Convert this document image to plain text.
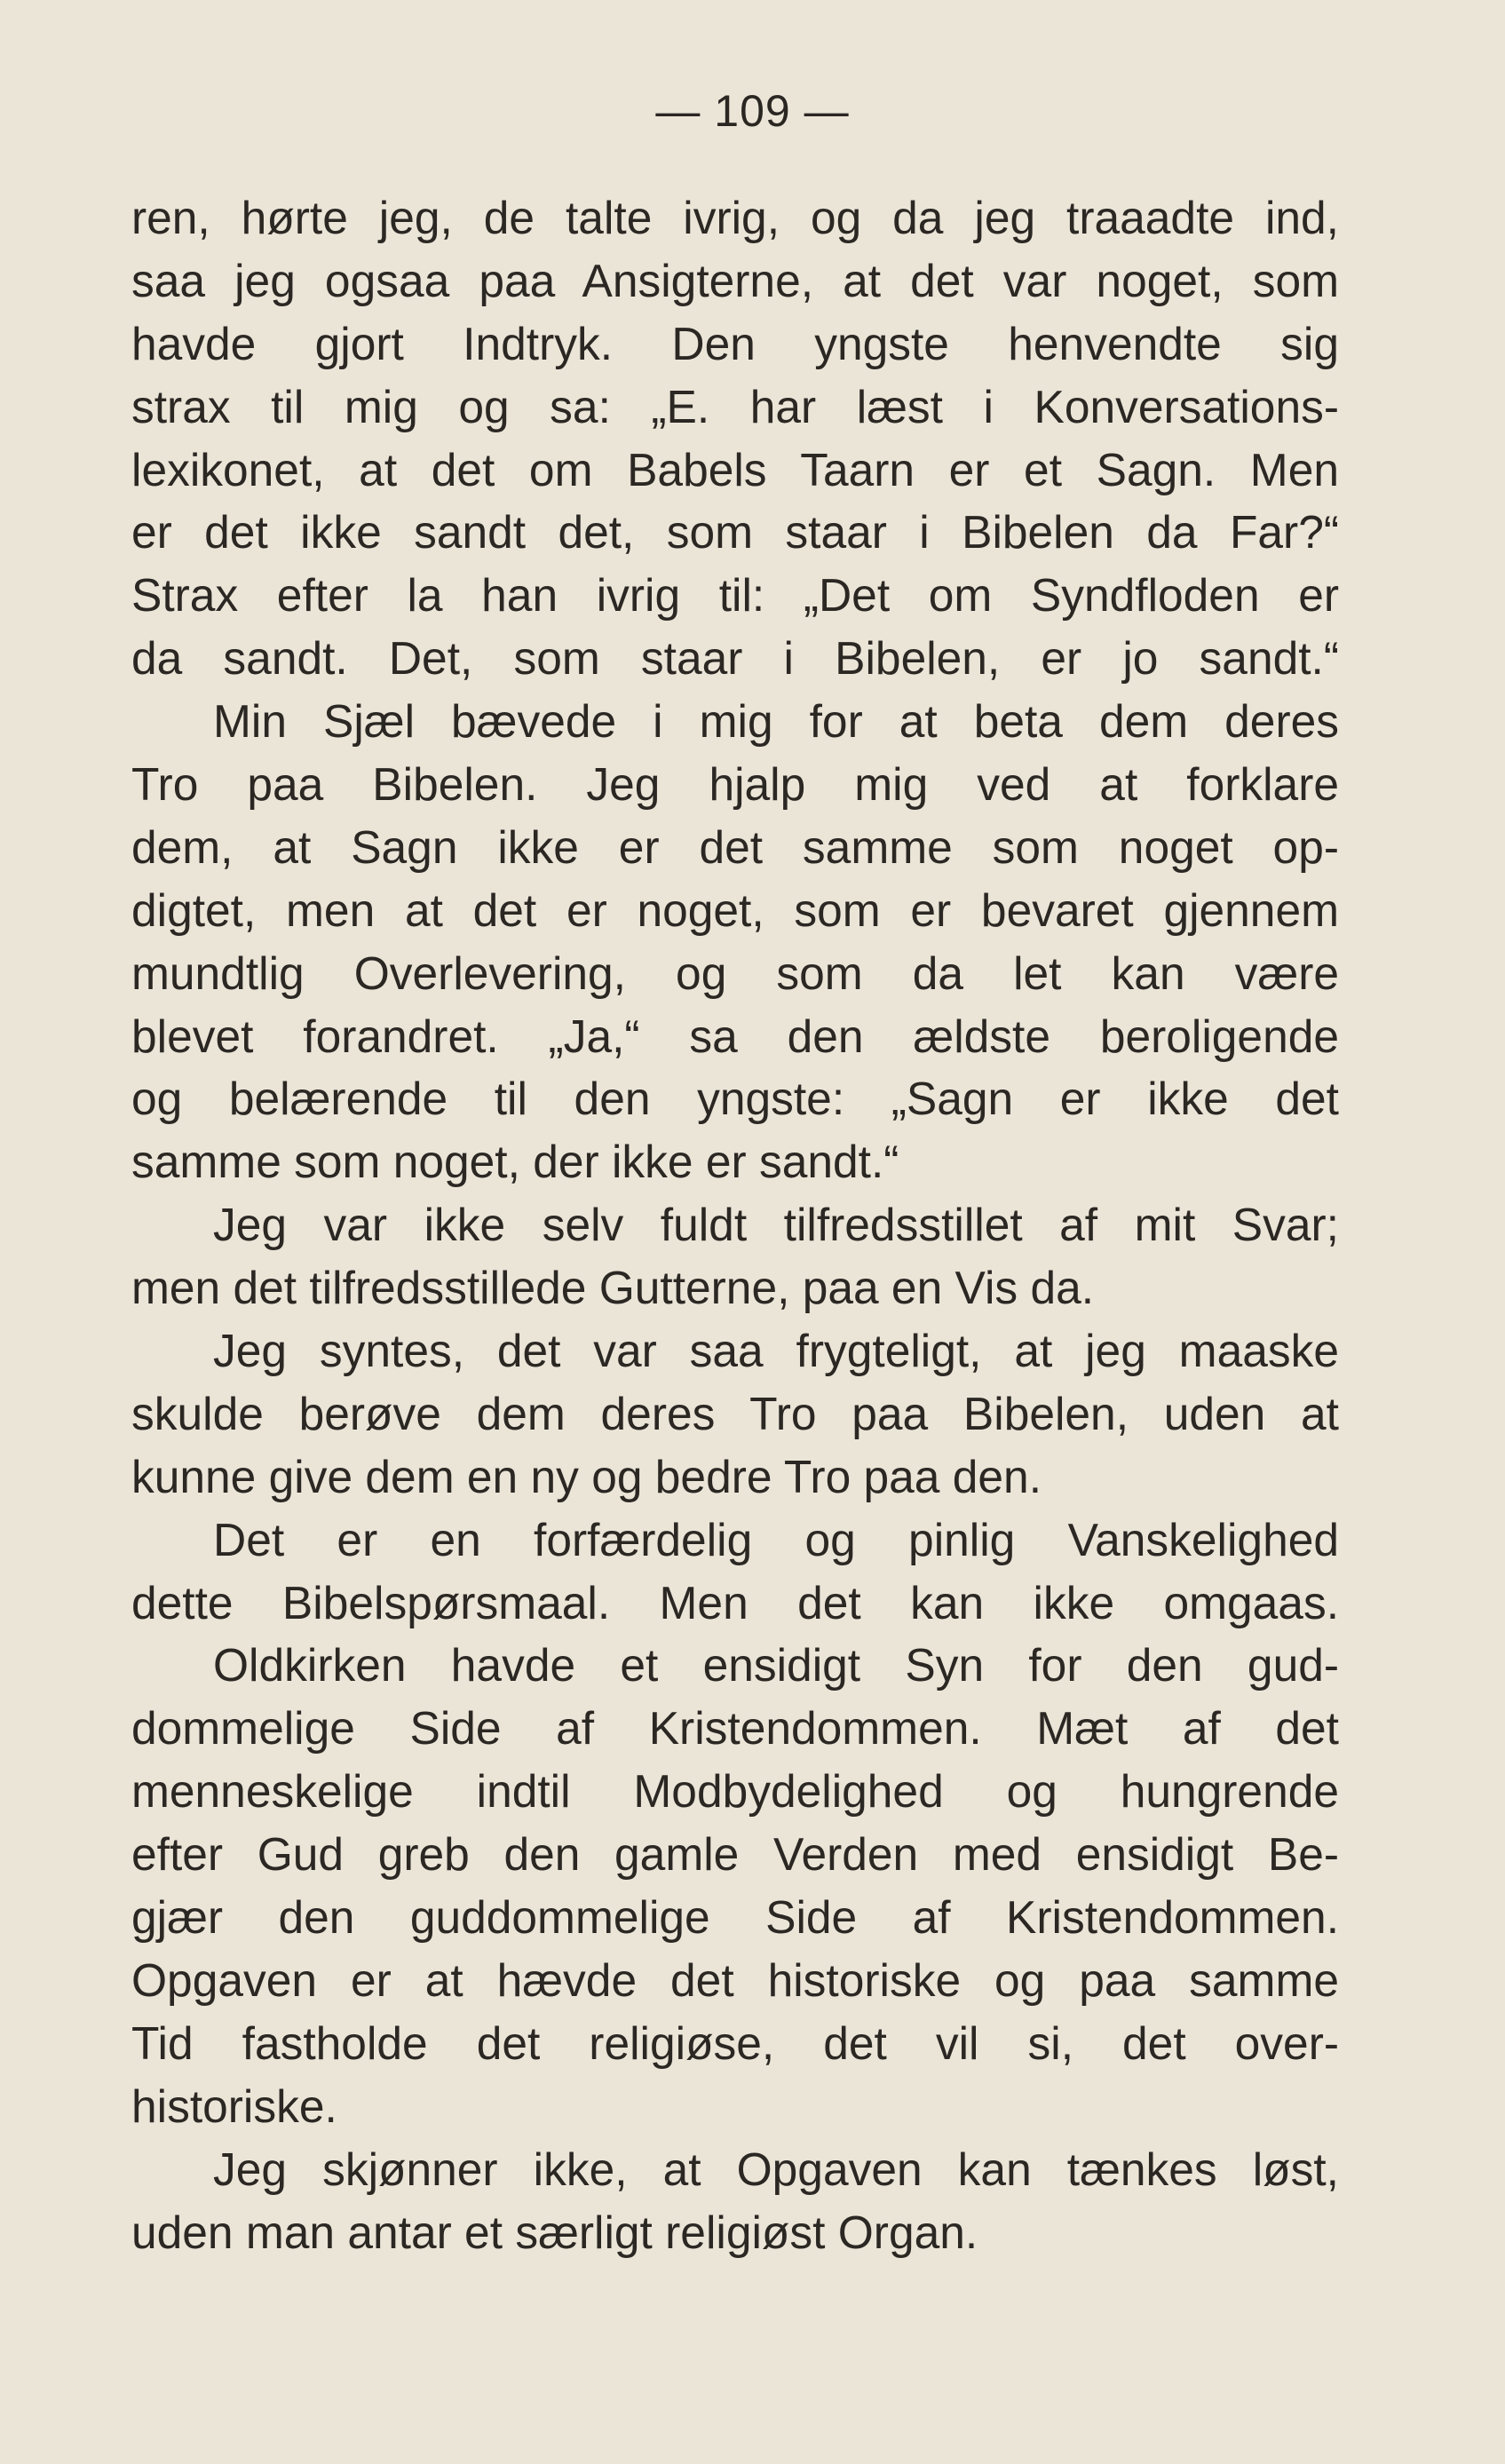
— 109 —
ren, hørte jeg, de talte ivrig, og da jeg traaadte ind,
saa jeg ogsaa paa Ansigterne, at det var noget, som
havde gjort Indtryk. Den yngste henvendte sig
strax til mig og sa: „E. har læst i Konversations-
lexikonet, at det om Babels Taarn er et Sagn. Men
er det ikke sandt det, som staar i Bibelen da Far?“
Strax efter la han ivrig til: „Det om Syndfloden er
da sandt. Det, som staar i Bibelen, er jo sandt.“
Min Sjæl bævede i mig for at beta dem deres
Tro paa Bibelen. Jeg hjalp mig ved at forklare
dem, at Sagn ikke er det samme som noget op-
digtet, men at det er noget, som er bevaret gjennem
mundtlig Overlevering, og som da let kan være
blevet forandret. „Ja,“ sa den ældste beroligende
og belærende til den yngste: „Sagn er ikke det
samme som noget, der ikke er sandt.“
Jeg var ikke selv fuldt tilfredsstillet af mit Svar;
men det tilfredsstillede Gutterne, paa en Vis da.
Jeg syntes, det var saa frygteligt, at jeg maaske
skulde berøve dem deres Tro paa Bibelen, uden at
kunne give dem en ny og bedre Tro paa den.
Det er en forfærdelig og pinlig Vanskelighed
dette Bibelspørsmaal. Men det kan ikke omgaas.
Oldkirken havde et ensidigt Syn for den gud-
dommelige Side af Kristendommen. Mæt af det
menneskelige indtil Modbydelighed og hungrende
efter Gud greb den gamle Verden med ensidigt Be-
gjær den guddommelige Side af Kristendommen.
Opgaven er at hævde det historiske og paa samme
Tid fastholde det religiøse, det vil si, det over-
historiske.
Jeg skjønner ikke, at Opgaven kan tænkes løst,
uden man antar et særligt religiøst Organ.
